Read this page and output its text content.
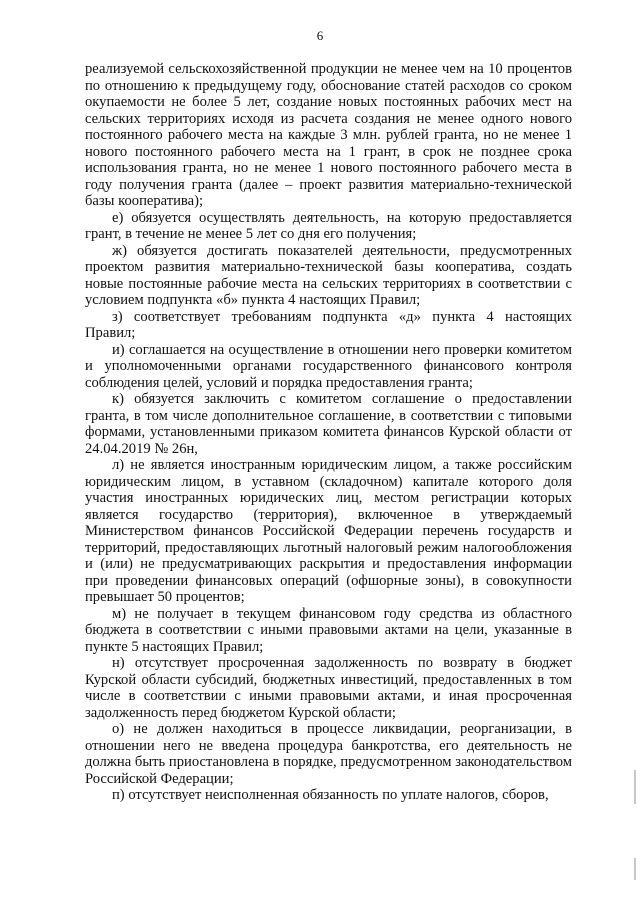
6

реализуемой сельскохозяйственной продукции не менее чем на 10 процентов по отношению к предыдущему году, обоснование статей расходов со сроком окупаемости не более 5 лет, создание новых постоянных рабочих мест на сельских территориях исходя из расчета создания не менее одного нового постоянного рабочего места на каждые 3 млн. рублей гранта, но не менее 1 нового постоянного рабочего места на 1 грант, в срок не позднее срока использования гранта, но не менее 1 нового постоянного рабочего места в году получения гранта (далее – проект развития материально-технической базы кооператива);

е) обязуется осуществлять деятельность, на которую предоставляется грант, в течение не менее 5 лет со дня его получения;

ж) обязуется достигать показателей деятельности, предусмотренных проектом развития материально-технической базы кооператива, создать новые постоянные рабочие места на сельских территориях в соответствии с условием подпункта «б» пункта 4 настоящих Правил;

з) соответствует требованиям подпункта «д» пункта 4 настоящих Правил;

и) соглашается на осуществление в отношении него проверки комитетом и уполномоченными органами государственного финансового контроля соблюдения целей, условий и порядка предоставления гранта;

к) обязуется заключить с комитетом соглашение о предоставлении гранта, в том числе дополнительное соглашение, в соответствии с типовыми формами, установленными приказом комитета финансов Курской области от 24.04.2019 № 26н,

л) не является иностранным юридическим лицом, а также российским юридическим лицом, в уставном (складочном) капитале которого доля участия иностранных юридических лиц, местом регистрации которых является государство (территория), включенное в утверждаемый Министерством финансов Российской Федерации перечень государств и территорий, предоставляющих льготный налоговый режим налогообложения и (или) не предусматривающих раскрытия и предоставления информации при проведении финансовых операций (офшорные зоны), в совокупности превышает 50 процентов;

м) не получает в текущем финансовом году средства из областного бюджета в соответствии с иными правовыми актами на цели, указанные в пункте 5 настоящих Правил;

н) отсутствует просроченная задолженность по возврату в бюджет Курской области субсидий, бюджетных инвестиций, предоставленных в том числе в соответствии с иными правовыми актами, и иная просроченная задолженность перед бюджетом Курской области;

о) не должен находиться в процессе ликвидации, реорганизации, в отношении него не введена процедура банкротства, его деятельность не должна быть приостановлена в порядке, предусмотренном законодательством Российской Федерации;

п) отсутствует неисполненная обязанность по уплате налогов, сборов,
